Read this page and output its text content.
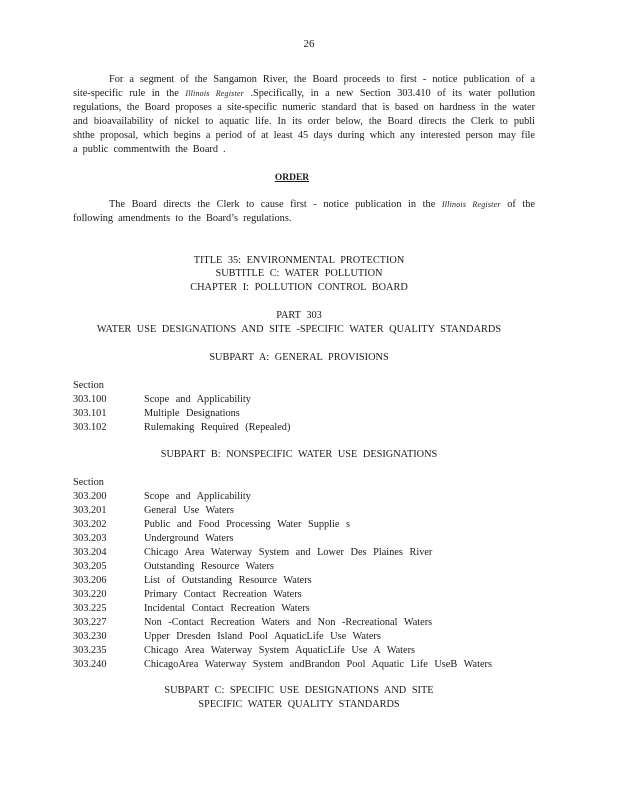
26
For a segment of the Sangamon River, the Board proceeds to first - notice publication of a site-specific rule in the Illinois Register .Specifically, in a new Section 303.410 of its water pollution regulations, the Board proposes a site-specific numeric standard that is based on hardness in the water and bioavailability of nickel to aquatic life. In its order below, the Board directs the Clerk to publi shthe proposal, which begins a period of at least 45 days during which any interested person may file a public commentwith the Board .
ORDER
The Board directs the Clerk to cause first - notice publication in the Illinois Register of the following amendments to the Board’s regulations.
TITLE 35: ENVIRONMENTAL PROTECTION
SUBTITLE C: WATER POLLUTION
CHAPTER I: POLLUTION CONTROL BOARD
PART 303
WATER USE DESIGNATIONS AND SITE -SPECIFIC WATER QUALITY STANDARDS
SUBPART A: GENERAL PROVISIONS
Section
303.100	Scope and Applicability
303.101	Multiple Designations
303.102	Rulemaking Required (Repealed)
SUBPART B: NONSPECIFIC WATER USE DESIGNATIONS
Section
303.200	Scope and Applicability
303.201	General Use Waters
303.202	Public and Food Processing Water Supplie s
303.203	Underground Waters
303.204	Chicago Area Waterway System and Lower Des Plaines River
303.205	Outstanding Resource Waters
303.206	List of Outstanding Resource Waters
303.220	Primary Contact Recreation Waters
303.225	Incidental Contact Recreation Waters
303.227	Non -Contact Recreation Waters and Non -Recreational Waters
303.230	Upper Dresden Island Pool AquaticLife Use Waters
303.235	Chicago Area Waterway System AquaticLife Use A Waters
303.240	ChicagoArea Waterway System andBrandon Pool Aquatic Life UseB Waters
SUBPART C: SPECIFIC USE DESIGNATIONS AND SITE
SPECIFIC WATER QUALITY STANDARDS
